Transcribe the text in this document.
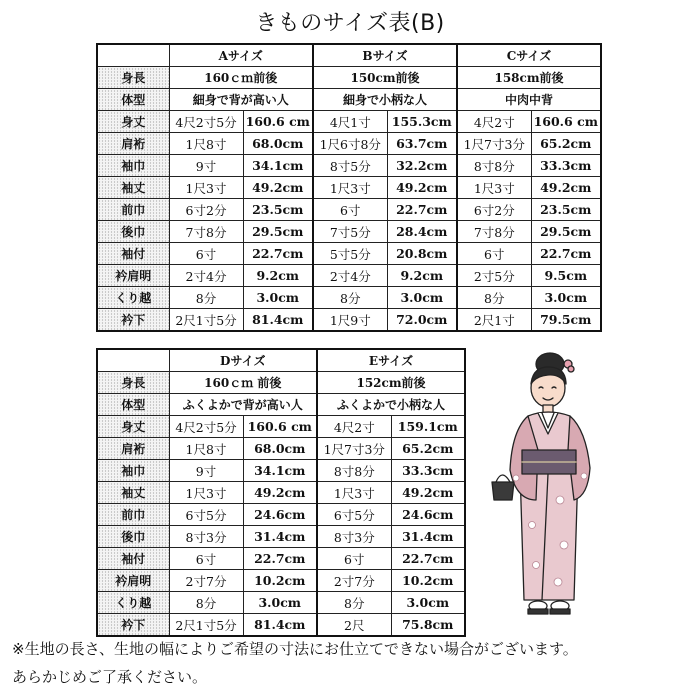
きものサイズ表(B)
	Aサイズ		Bサイズ		Cサイズ	
身長	160ｃｍ前後		150cm前後		158cm前後	
体型	細身で背が高い人		細身で小柄な人		中肉中背	
身丈	4尺2寸5分	160.6 cm	4尺1寸	155.3cm	4尺2寸	160.6 cm
肩裄	1尺8寸	68.0cm	1尺6寸8分	63.7cm	1尺7寸3分	65.2cm
袖巾	9寸	34.1cm	8寸5分	32.2cm	8寸8分	33.3cm
袖丈	1尺3寸	49.2cm	1尺3寸	49.2cm	1尺3寸	49.2cm
前巾	6寸2分	23.5cm	6寸	22.7cm	6寸2分	23.5cm
後巾	7寸8分	29.5cm	7寸5分	28.4cm	7寸8分	29.5cm
袖付	6寸	22.7cm	5寸5分	20.8cm	6寸	22.7cm
衿肩明	2寸4分	9.2cm	2寸4分	9.2cm	2寸5分	9.5cm
くり越	8分	3.0cm	8分	3.0cm	8分	3.0cm
衿下	2尺1寸5分	81.4cm	1尺9寸	72.0cm	2尺1寸	79.5cm
	Dサイズ		Eサイズ	
身長	160ｃｍ 前後		152cm前後	
体型	ふくよかで背が高い人		ふくよかで小柄な人	
身丈	4尺2寸5分	160.6 cm	4尺2寸	159.1cm
肩裄	1尺8寸	68.0cm	1尺7寸3分	65.2cm
袖巾	9寸	34.1cm	8寸8分	33.3cm
袖丈	1尺3寸	49.2cm	1尺3寸	49.2cm
前巾	6寸5分	24.6cm	6寸5分	24.6cm
後巾	8寸3分	31.4cm	8寸3分	31.4cm
袖付	6寸	22.7cm	6寸	22.7cm
衿肩明	2寸7分	10.2cm	2寸7分	10.2cm
くり越	8分	3.0cm	8分	3.0cm
衿下	2尺1寸5分	81.4cm	2尺	75.8cm
※生地の長さ、生地の幅によりご希望の寸法にお仕立てできない場合がございます。
あらかじめご了承ください。
